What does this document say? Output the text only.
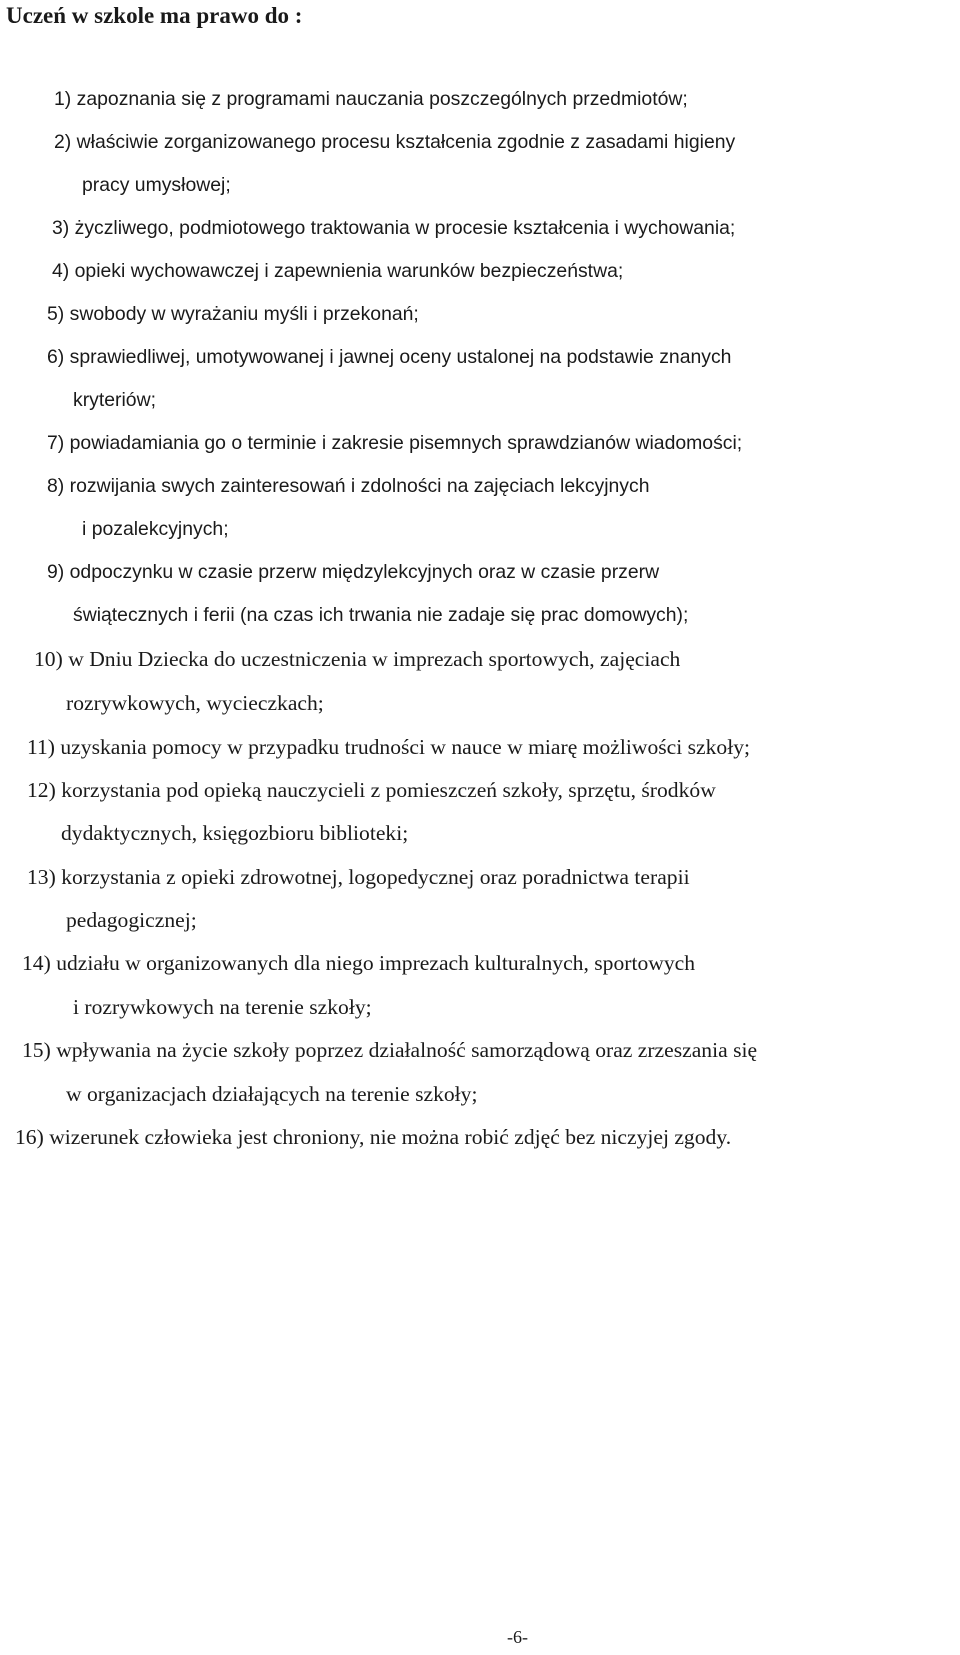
Uczeń w szkole ma prawo do :
1) zapoznania się z programami nauczania poszczególnych przedmiotów;
2) właściwie zorganizowanego procesu kształcenia zgodnie z zasadami higieny
pracy umysłowej;
3) życzliwego, podmiotowego traktowania w procesie kształcenia i wychowania;
4) opieki wychowawczej i zapewnienia warunków bezpieczeństwa;
5) swobody w wyrażaniu myśli i przekonań;
6) sprawiedliwej, umotywowanej i jawnej oceny ustalonej na podstawie znanych
kryteriów;
7) powiadamiania go o terminie i zakresie pisemnych sprawdzianów wiadomości;
8) rozwijania swych zainteresowań i zdolności na zajęciach lekcyjnych
i pozalekcyjnych;
9) odpoczynku w czasie przerw międzylekcyjnych oraz w czasie przerw
świątecznych i ferii (na czas ich trwania nie zadaje się prac domowych);
10) w Dniu Dziecka do uczestniczenia w imprezach sportowych, zajęciach
rozrywkowych, wycieczkach;
11) uzyskania pomocy w przypadku trudności w nauce w miarę możliwości szkoły;
12) korzystania pod opieką nauczycieli z pomieszczeń szkoły, sprzętu, środków
dydaktycznych, księgozbioru biblioteki;
13) korzystania z opieki zdrowotnej, logopedycznej oraz poradnictwa terapii
pedagogicznej;
14) udziału w organizowanych dla niego imprezach kulturalnych, sportowych
i rozrywkowych na terenie szkoły;
15) wpływania na życie szkoły poprzez działalność samorządową oraz zrzeszania się
w organizacjach działających na terenie szkoły;
16) wizerunek człowieka jest chroniony, nie można robić zdjęć bez niczyjej zgody.
-6-
